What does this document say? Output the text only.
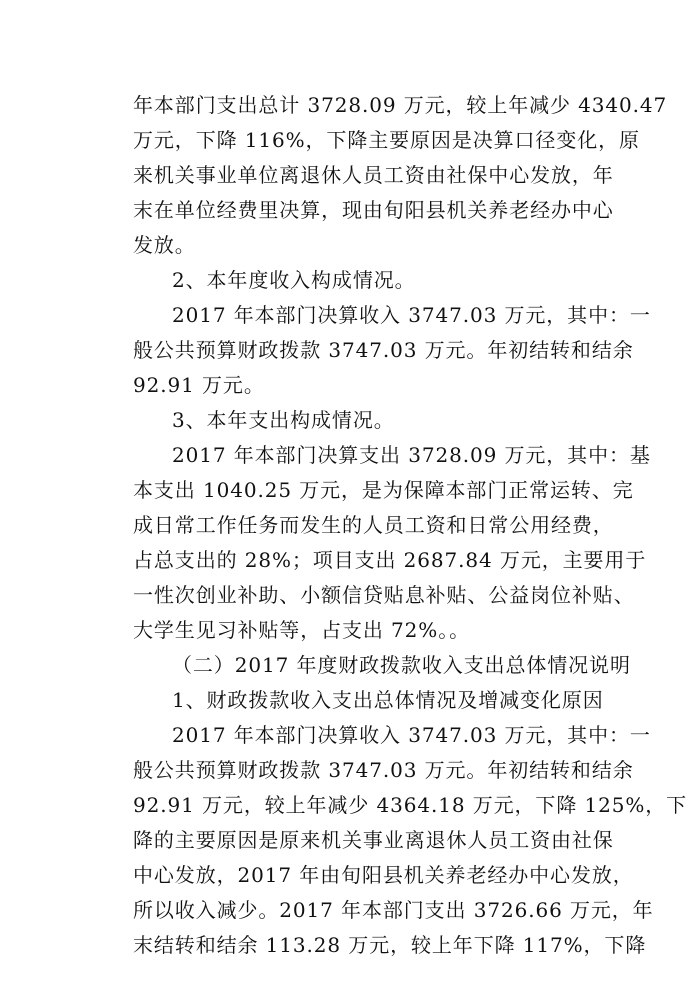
年本部门支出总计 3728.09 万元，较上年减少 4340.47
万元，下降 116%，下降主要原因是决算口径变化，原
来机关事业单位离退休人员工资由社保中心发放，年
末在单位经费里决算，现由旬阳县机关养老经办中心
发放。
2、本年度收入构成情况。
2017 年本部门决算收入 3747.03 万元，其中：一
般公共预算财政拨款 3747.03 万元。年初结转和结余
92.91 万元。
3、本年支出构成情况。
2017 年本部门决算支出 3728.09 万元，其中：基
本支出 1040.25 万元，是为保障本部门正常运转、完
成日常工作任务而发生的人员工资和日常公用经费，
占总支出的 28%；项目支出 2687.84 万元，主要用于
一性次创业补助、小额信贷贴息补贴、公益岗位补贴、
大学生见习补贴等，占支出 72%。。
（二）2017 年度财政拨款收入支出总体情况说明
1、财政拨款收入支出总体情况及增减变化原因
2017 年本部门决算收入 3747.03 万元，其中：一
般公共预算财政拨款 3747.03 万元。年初结转和结余
92.91 万元，较上年减少 4364.18 万元，下降 125%，下
降的主要原因是原来机关事业离退休人员工资由社保
中心发放，2017 年由旬阳县机关养老经办中心发放，
所以收入减少。2017 年本部门支出 3726.66 万元，年
末结转和结余 113.28 万元，较上年下降 117%，下降
